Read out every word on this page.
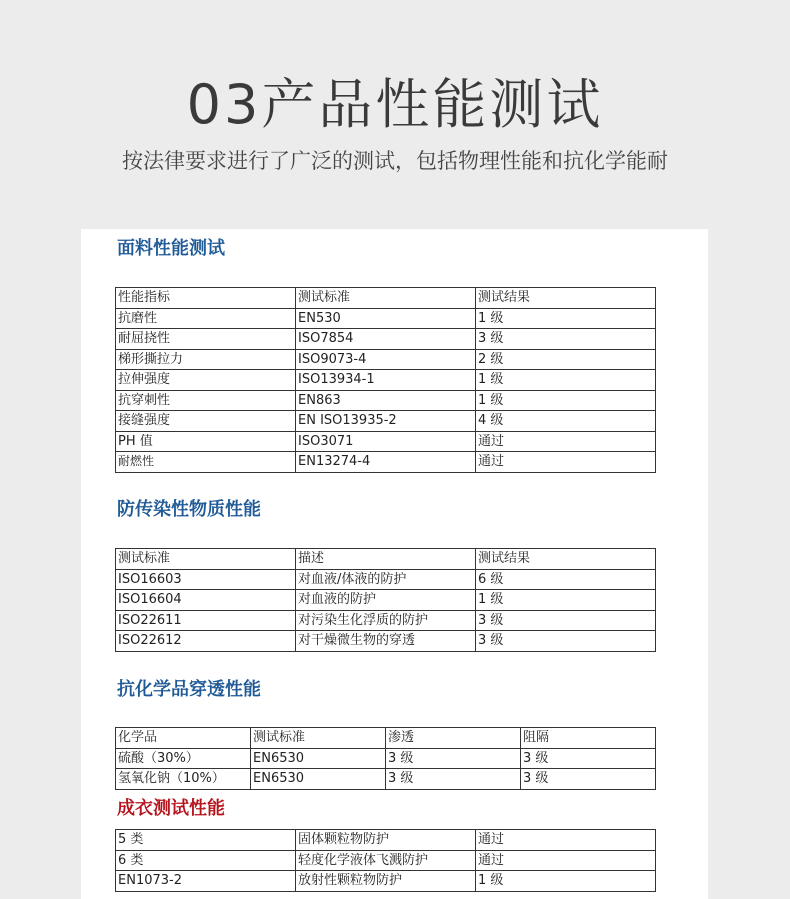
03产品性能测试
按法律要求进行了广泛的测试，包括物理性能和抗化学能耐
面料性能测试
性能指标	测试标准	测试结果
抗磨性	EN530	1 级
耐屈挠性	ISO7854	3 级
梯形撕拉力	ISO9073-4	2 级
拉伸强度	ISO13934-1	1 级
抗穿刺性	EN863	1 级
接缝强度	EN ISO13935-2	4 级
PH 值	ISO3071	通过
耐燃性	EN13274-4	通过
防传染性物质性能
测试标准	描述	测试结果
ISO16603	对血液/体液的防护	6 级
ISO16604	对血液的防护	1 级
ISO22611	对污染生化浮质的防护	3 级
ISO22612	对干燥微生物的穿透	3 级
抗化学品穿透性能
化学品	测试标准	渗透	阻隔
硫酸（30%）	EN6530	3 级	3 级
氢氧化钠（10%）	EN6530	3 级	3 级
成衣测试性能
5 类	固体颗粒物防护	通过
6 类	轻度化学液体飞溅防护	通过
EN1073-2	放射性颗粒物防护	1 级
